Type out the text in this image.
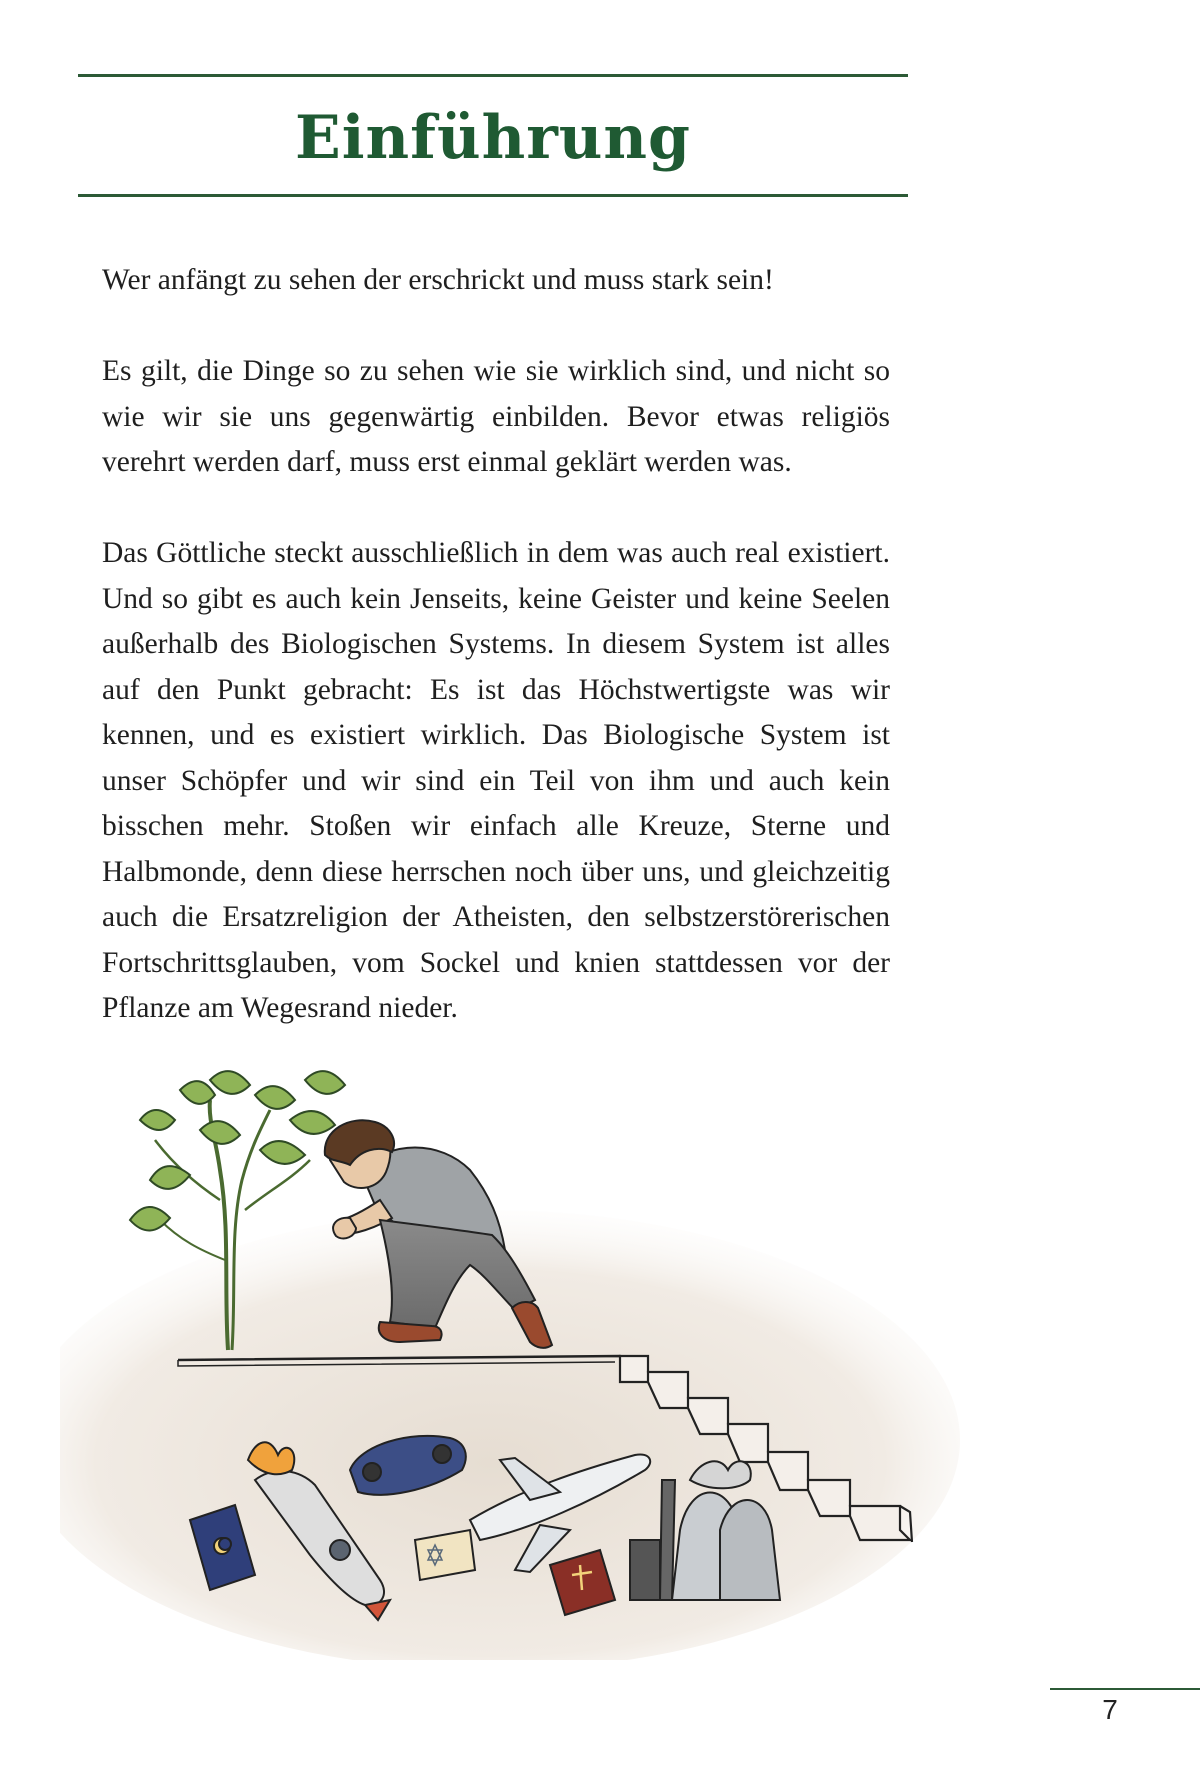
Einführung

Wer anfängt zu sehen der erschrickt und muss stark sein!

Es gilt, die Dinge so zu sehen wie sie wirklich sind, und nicht so wie wir sie uns gegenwärtig einbilden. Bevor etwas religiös verehrt werden darf, muss erst einmal geklärt werden was.

Das Göttliche steckt ausschließlich in dem was auch real existiert. Und so gibt es auch kein Jenseits, keine Geister und keine Seelen außerhalb des Biologischen Systems. In diesem System ist alles auf den Punkt gebracht: Es ist das Höchstwertigste was wir kennen, und es existiert wirklich. Das Biologische System ist unser Schöpfer und wir sind ein Teil von ihm und auch kein bisschen mehr. Stoßen wir einfach alle Kreuze, Sterne und Halbmonde, denn diese herrschen noch über uns, und gleichzeitig auch die Ersatzreligion der Atheisten, den selbstzerstörerischen Fortschrittsglauben, vom Sockel und knien stattdessen vor der Pflanze am Wegesrand nieder.

7
